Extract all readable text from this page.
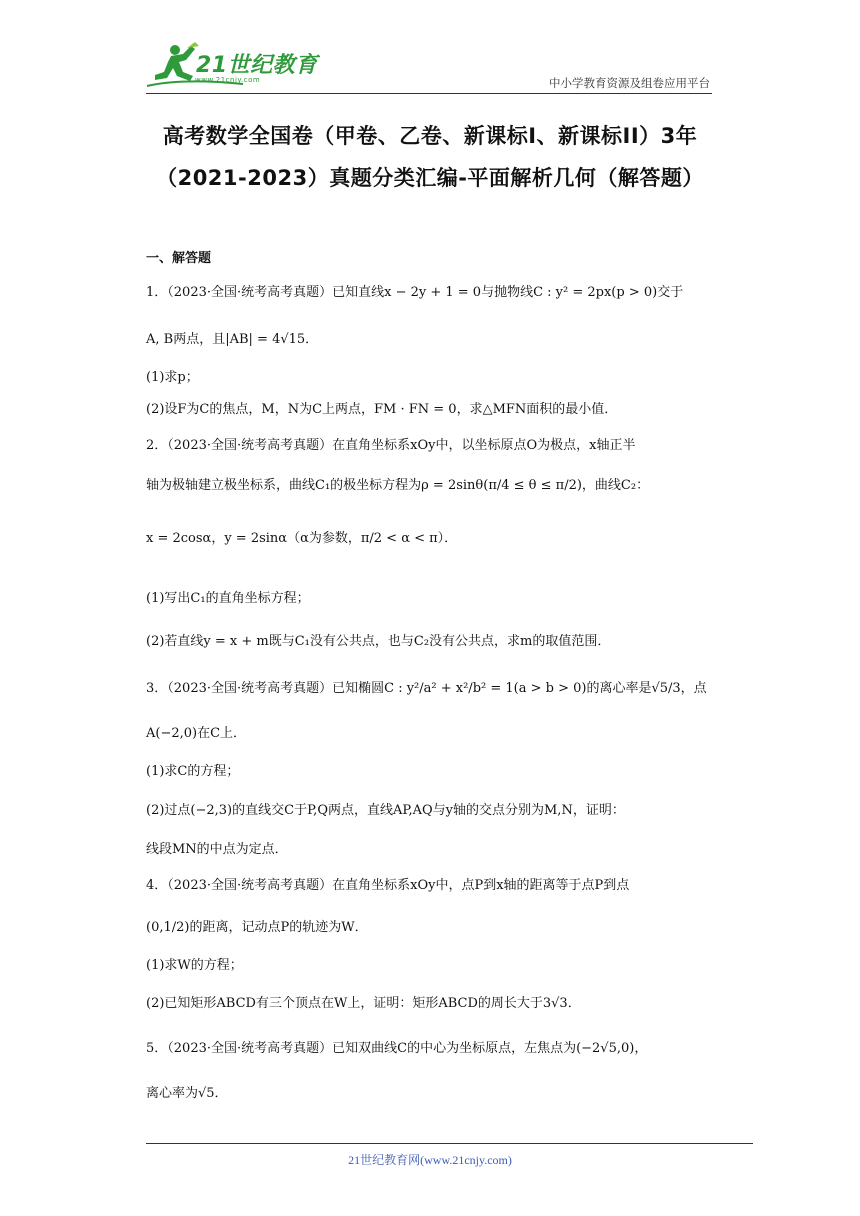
21世纪教育
www.21cnjy.com	中小学教育资源及组卷应用平台
高考数学全国卷（甲卷、乙卷、新课标I、新课标II）3年
（2021-2023）真题分类汇编-平面解析几何（解答题）
一、解答题
1．（2023·全国·统考高考真题）已知直线x − 2y + 1 = 0与抛物线C : y² = 2px(p > 0)交于
A, B两点，且|AB| = 4√15．
(1)求p；
(2)设F为C的焦点，M，N为C上两点，FM · FN = 0，求△MFN面积的最小值．
2．（2023·全国·统考高考真题）在直角坐标系xOy中，以坐标原点O为极点，x轴正半
轴为极轴建立极坐标系，曲线C₁的极坐标方程为ρ = 2sinθ(π/4 ≤ θ ≤ π/2)，曲线C₂：
x = 2cosα，y = 2sinα（α为参数，π/2 < α < π）．
(1)写出C₁的直角坐标方程；
(2)若直线y = x + m既与C₁没有公共点，也与C₂没有公共点，求m的取值范围．
3．（2023·全国·统考高考真题）已知椭圆C : y²/a² + x²/b² = 1(a > b > 0)的离心率是√5/3，点
A(−2,0)在C上．
(1)求C的方程；
(2)过点(−2,3)的直线交C于P,Q两点，直线AP,AQ与y轴的交点分别为M,N，证明：
线段MN的中点为定点．
4．（2023·全国·统考高考真题）在直角坐标系xOy中，点P到x轴的距离等于点P到点
(0,1/2)的距离，记动点P的轨迹为W．
(1)求W的方程；
(2)已知矩形ABCD有三个顶点在W上，证明：矩形ABCD的周长大于3√3．
5．（2023·全国·统考高考真题）已知双曲线C的中心为坐标原点，左焦点为(−2√5,0)，
离心率为√5．
21世纪教育网(www.21cnjy.com)
